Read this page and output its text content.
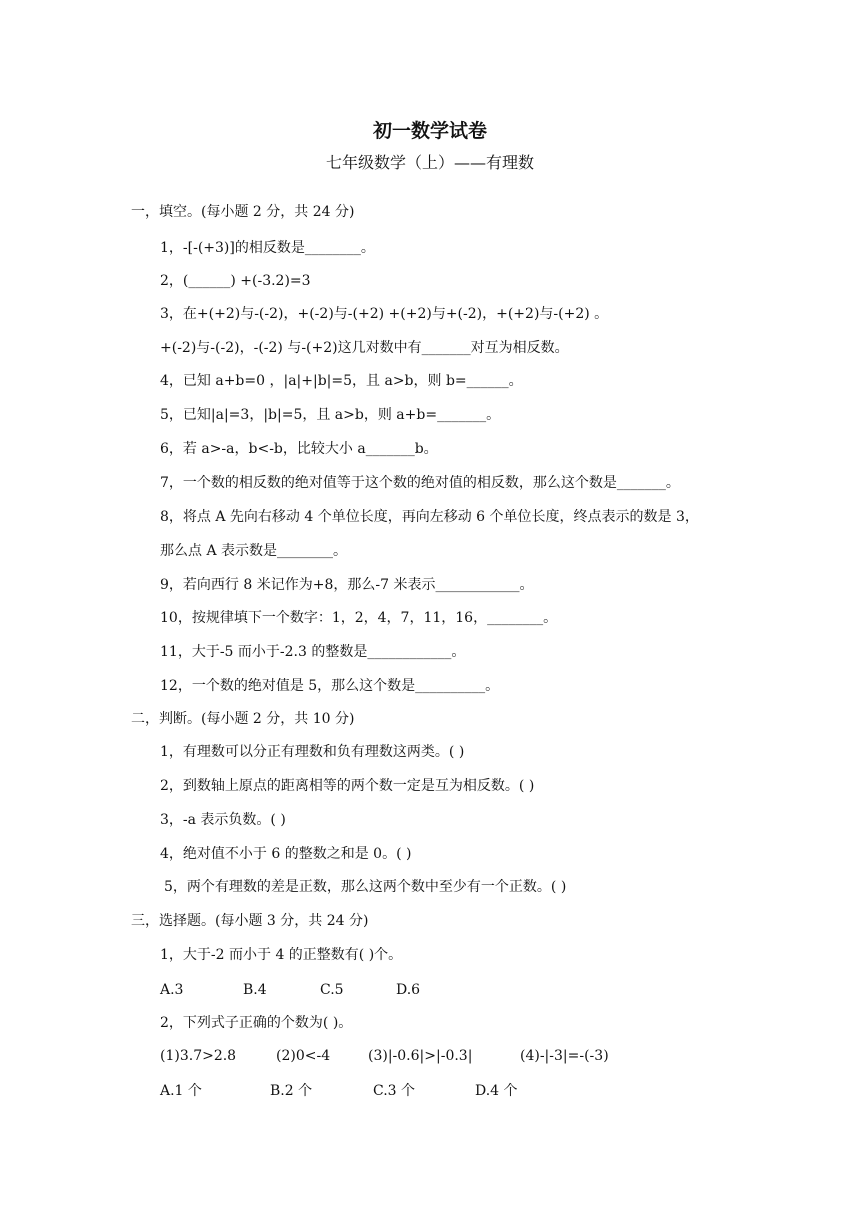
初一数学试卷
七年级数学（上）——有理数
一，填空。(每小题 2 分，共 24 分)
1，-[-(+3)]的相反数是________。
2，(______) +(-3.2)=3
3，在+(+2)与-(-2)，+(-2)与-(+2) +(+2)与+(-2)，+(+2)与-(+2) 。
+(-2)与-(-2)，-(-2) 与-(+2)这几对数中有_______对互为相反数。
4，已知 a+b=0 ，|a|+|b|=5，且 a>b，则 b=______。
5，已知|a|=3，|b|=5，且 a>b，则 a+b=_______。
6，若 a>-a，b<-b，比较大小 a_______b。
7，一个数的相反数的绝对值等于这个数的绝对值的相反数，那么这个数是_______。
8，将点 A 先向右移动 4 个单位长度，再向左移动 6 个单位长度，终点表示的数是 3，
那么点 A 表示数是________。
9，若向西行 8 米记作为+8，那么-7 米表示____________。
10，按规律填下一个数字：1，2，4，7，11，16，________。
11，大于-5 而小于-2.3 的整数是____________。
12，一个数的绝对值是 5，那么这个数是__________。
二，判断。(每小题 2 分，共 10 分)
1，有理数可以分正有理数和负有理数这两类。( )
2，到数轴上原点的距离相等的两个数一定是互为相反数。( )
3，-a 表示负数。( )
4，绝对值不小于 6 的整数之和是 0。( )
5，两个有理数的差是正数，那么这两个数中至少有一个正数。( )
三，选择题。(每小题 3 分，共 24 分)
1，大于-2 而小于 4 的正整数有( )个。
A.3	B.4	C.5	D.6
2，下列式子正确的个数为( )。
(1)3.7>2.8	(2)0<-4	(3)|-0.6|>|-0.3|	(4)-|-3|=-(-3)
A.1 个	B.2 个	C.3 个	D.4 个
